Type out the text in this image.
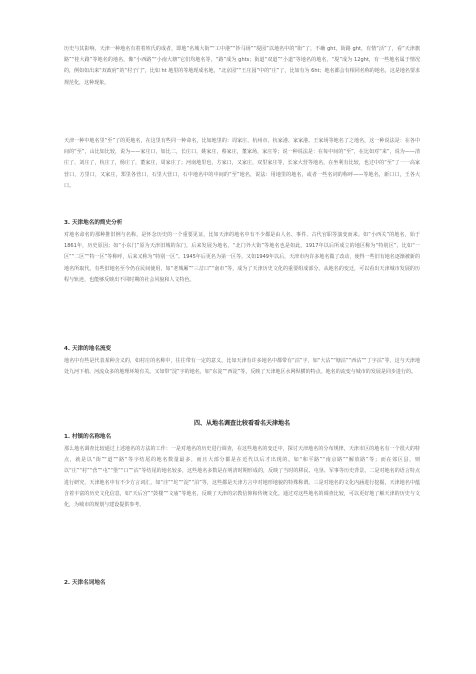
历史与其影响，天津一种地名有着着姓氏的成者，即地“名城大街”“工中港”“钞马场”“堤园”以地名中的“街”了，不确 ght，街路 ght，有情“活”了，看“天津旗路”“桂大路”等地名的地名，像“小西路”“小南大塘”它们均地名等，“路”成为 ghts；街道“双道”“小道”等地名的地名，“堤”成为 12ght，有一些地名属于情况的，例如如出来“双政府”的“村子门”，比如 ht 地里的等地现成名地，“北京园”“王庄园”中的“庄”了，比如有为 6ht；地名都会有相同名称的地名，这是地名要求规范化，这种现象。

天津一种中地名里“至”了的更地名，在这里有些同一种命名，比如地里的：周家庄、杭州市、杭家港、家家港、王家场等地名了之地名，这一种说法是：在各中间的“至”，山比如比较，说为——家庄口，如比二，长庄口，姚家庄，蔡家庄，董家场，家庄等；说一种说法是：在每中间的“至”，在比如对“来”，说为——清庄了，刘庄了，杭庄了，杨庄了，董家庄，周家庄了；河南地里也，方家口，又家庄，双里家庄等，长家大营等地名，在坐利有比较，也过中的“至”了一一高家营口，方里口，又家庄，郑里各营口，石里大营口，石中地名中的中间的“至”地名，说法：用地里的地名，或者一些名词的称呼——等地名，新口口，王各大口。

3. 天津地名的简史分析

对地名命名的那种推旧例与名称，是怀念历史的一个重要见证，比如天津的地名中有不少都是由人名、事件、古代官职等演变而来。如“小西关”的地名，始于1861年，历史原因；如“小东门”原为天津旧城的东门，后来发展为地名，“北门外大街”等地名也是如此。1917年以后所成立的地区称为“特别区”，比如“一区”“二区”“特一区”等称呼，后来又称为“特别一区”。1945年后更名为第一区等。又如1949年以后，天津市内许多地名做了改动，使得一些旧有地名逐渐被新的地名所取代。有些旧地名至今仍在民间使用，如“老城厢”“三岔口”“南市”等，成为了天津历史文化的重要组成部分。从地名的变迁，可以看出天津城市发展的历程与轨迹，也能够反映出不同时期的社会风貌和人文特色。

4. 天津的地名流变

地名中有些是代表某种含义的，如村庄的名称中，往往带有一定的意义。比如天津有许多地名中都带有“沽”字，如“大沽”“塘沽”“西沽”“丁字沽”等，这与天津地处九河下梢、河流众多的地理环境有关。又如带“淀”字的地名，如“东淀”“西淀”等，反映了天津地区水网纵横的特点。地名的流变与城市的发展是同步进行的。

四、从地名调查比较看看名天津地名
1. 村镇的名称地名

那么地名调查比较通过上述地名的方法的工作：一是对地名的历史进行调查，在这些地名的变迁中，探讨天津地名的分布规律，天津市区的地名有一个很大的特点，就是以“街”“道”“路”等字结尾的地名数量最多，而且大部分都是在近代以后才出现的。如“和平路”“南京路”“解放路”等；而在郊区县，则以“庄”“村”“营”“屯”“堡”“口”“沽”等结尾的地名较多，这些地名多数是在明清时期形成的，反映了当时的移民、屯垦、军事等历史背景。二是对地名的语言特点进行研究，天津地名中有不少方言词汇，如“洼”“坨”“淀”“泊”等，这些都是天津方言中对地形地貌的特殊称谓。三是对地名的文化内涵进行挖掘，天津地名中蕴含着丰富的历史文化信息，如“天后宫”“鼓楼”“文庙”等地名，反映了天津的宗教信仰和传统文化。通过对这些地名的调查比较，可以更好地了解天津的历史与文化，为城市的规划与建设提供参考。

2. 天津名词地名
